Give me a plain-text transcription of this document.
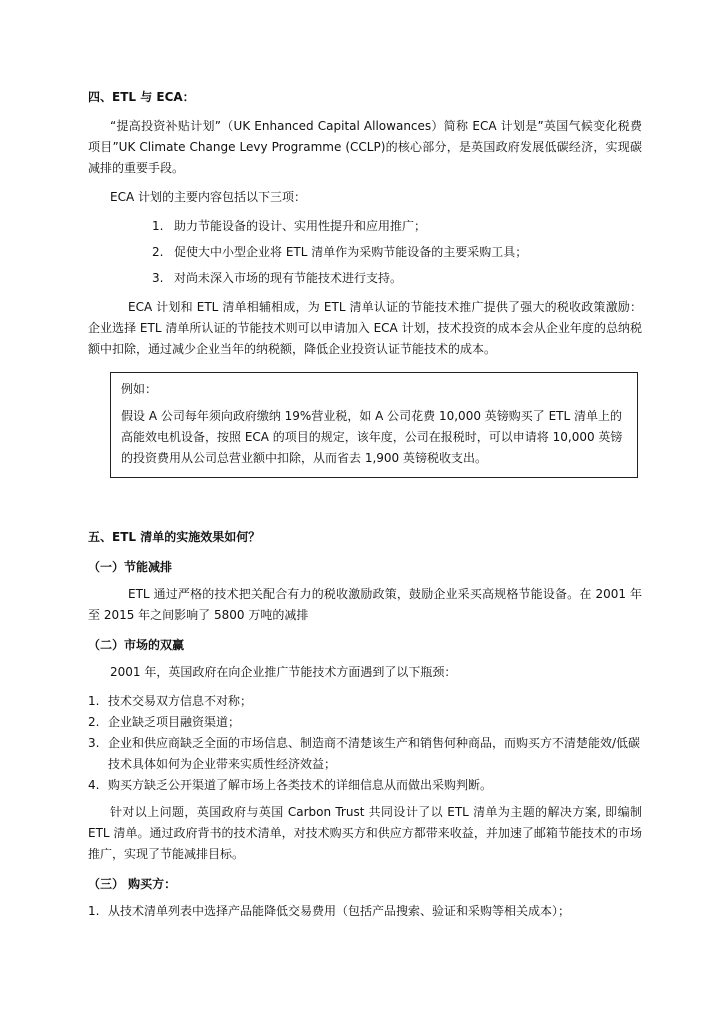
四、ETL 与 ECA：

“提高投资补贴计划”（UK Enhanced Capital Allowances）简称 ECA 计划是”英国气候变化税费项目”UK Climate Change Levy Programme (CCLP)的核心部分，是英国政府发展低碳经济，实现碳减排的重要手段。

ECA 计划的主要内容包括以下三项：

1. 助力节能设备的设计、实用性提升和应用推广；
2. 促使大中小型企业将 ETL 清单作为采购节能设备的主要采购工具；
3. 对尚未深入市场的现有节能技术进行支持。

ECA 计划和 ETL 清单相辅相成，为 ETL 清单认证的节能技术推广提供了强大的税收政策激励：企业选择 ETL 清单所认证的节能技术则可以申请加入 ECA 计划，技术投资的成本会从企业年度的总纳税额中扣除，通过减少企业当年的纳税额，降低企业投资认证节能技术的成本。

例如：

假设 A 公司每年须向政府缴纳 19%营业税，如 A 公司花费 10,000 英镑购买了 ETL 清单上的高能效电机设备，按照 ECA 的项目的规定，该年度，公司在报税时，可以申请将 10,000 英镑的投资费用从公司总营业额中扣除，从而省去 1,900 英镑税收支出。

五、ETL 清单的实施效果如何？
（一）节能减排

ETL 通过严格的技术把关配合有力的税收激励政策，鼓励企业采买高规格节能设备。在 2001 年至 2015 年之间影响了 5800 万吨的减排

（二）市场的双赢

2001 年，英国政府在向企业推广节能技术方面遇到了以下瓶颈：

1. 技术交易双方信息不对称；
2. 企业缺乏项目融资渠道；
3. 企业和供应商缺乏全面的市场信息、制造商不清楚该生产和销售何种商品，而购买方不清楚能效/低碳技术具体如何为企业带来实质性经济效益；
4. 购买方缺乏公开渠道了解市场上各类技术的详细信息从而做出采购判断。

针对以上问题，英国政府与英国 Carbon Trust 共同设计了以 ETL 清单为主题的解决方案, 即编制 ETL 清单。通过政府背书的技术清单，对技术购买方和供应方都带来收益，并加速了邮箱节能技术的市场推广，实现了节能减排目标。

（三） 购买方：
1. 从技术清单列表中选择产品能降低交易费用（包括产品搜索、验证和采购等相关成本）；
